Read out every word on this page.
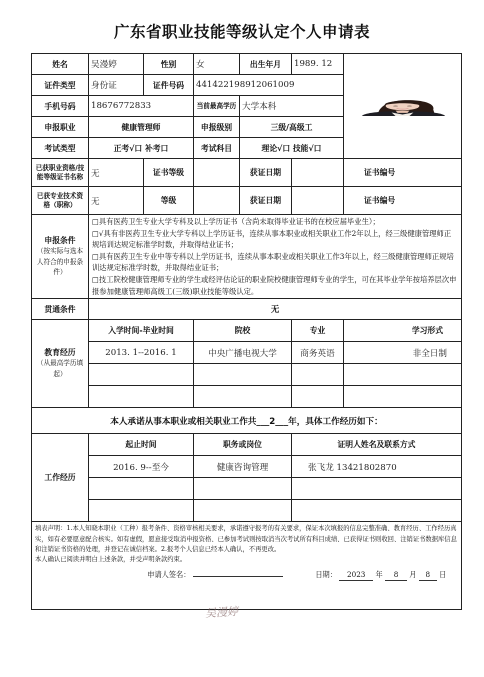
广东省职业技能等级认定个人申请表
姓名	吴漫婷	性别	女	出生年月	1989. 12	

证件类型	身份证	证件号码	441422198912061009			
手机号码	18676772833		当前最高学历	大学本科		
申报职业	健康管理师		申报级别	三级/高级工		
考试类型	正考√口 补考口		考试科目	理论√口 技能√口		
已获职业资格/技能等级证书名称	无	证书等级		获证日期		证书编号
已获专业技术资格（职称）	无	等级		获证日期		证书编号
申报条件
（按实际与选本人符合的申报条件）	□具有医药卫生专业大学专科及以上学历证书（含尚未取得毕业证书的在校应届毕业生）；
□√具有非医药卫生专业大学专科以上学历证书，连续从事本职业或相关职业工作2年以上，经三级健康管理师正规培训达规定标准学时数，并取得结业证书；
□具有医药卫生专业中等专科以上学历证书，连续从事本职业或相关职业工作3年以上，经三级健康管理师正规培训达规定标准学时数，并取得结业证书；
□技工院校健康管理师专业的学生或经评估论证的职业院校健康管理师专业的学生，可在其毕业学年按培养层次申报参加健康管理师高级工(三级)职业技能等级认定。					

贯通条件	无					
教育经历
（从最高学历填起）	入学时间-毕业时间		院校		专业	学习形式
	2013. 1--2016. 1		中央广播电视大学		商务英语	非全日制

本人承诺从事本职业或相关职业工作共___2___年，具体工作经历如下：						
工作经历	起止时间		职务或岗位		证明人姓名及联系方式	
	2016. 9--至今		健康咨询管理		张飞龙 13421802870	

填表声明：1.本人知晓本职业（工种）报考条件、资格审核相关要求，承诺遵守报考的有关要求，保证本次填报的信息完整准确、教育经历、工作经历真实，如有必要愿意配合核实。如有虚假，愿意接受取消申报资格、已参加考试则按取消当次考试所有科目成绩、已获得证书则收回、注销证书数据库信息和注销证书资格的处理，并登记在诚信档案。2.报考个人信息已经本人确认，不再更改。
本人确认已阅读并明白上述条款，并受声明条款约束。
申请人签名： 日期： 2023 年 8 月 8 日						
吴漫婷
